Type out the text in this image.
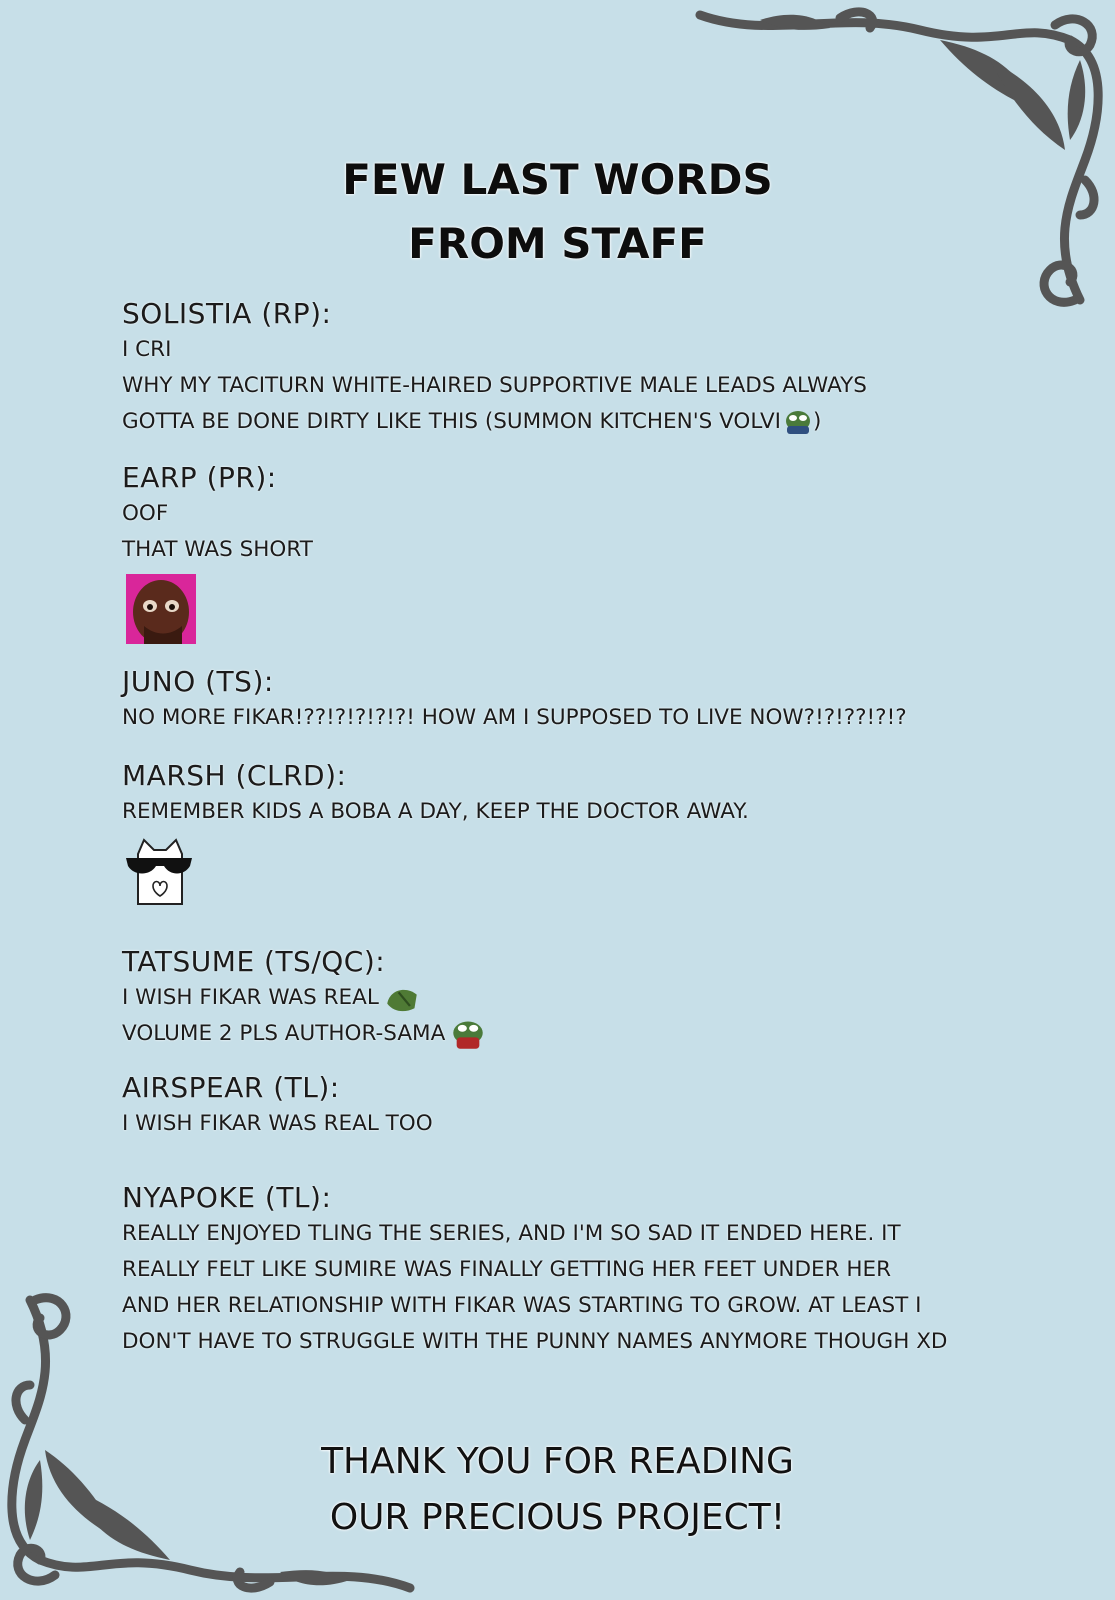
FEW LAST WORDS
FROM STAFF
SOLISTIA (RP):
I CRI
WHY MY TACITURN WHITE-HAIRED SUPPORTIVE MALE LEADS ALWAYS
GOTTA BE DONE DIRTY LIKE THIS (SUMMON KITCHEN'S VOLVI )
EARP (PR):
OOF
THAT WAS SHORT
JUNO (TS):
NO MORE FIKAR!??!?!?!?!?! HOW AM I SUPPOSED TO LIVE NOW?!?!??!?!?
MARSH (CLRD):
REMEMBER KIDS A BOBA A DAY, KEEP THE DOCTOR AWAY.
TATSUME (TS/QC):
I WISH FIKAR WAS REAL
VOLUME 2 PLS AUTHOR-SAMA
AIRSPEAR (TL):
I WISH FIKAR WAS REAL TOO
NYAPOKE (TL):
REALLY ENJOYED TLING THE SERIES, AND I'M SO SAD IT ENDED HERE. IT
REALLY FELT LIKE SUMIRE WAS FINALLY GETTING HER FEET UNDER HER
AND HER RELATIONSHIP WITH FIKAR WAS STARTING TO GROW. AT LEAST I
DON'T HAVE TO STRUGGLE WITH THE PUNNY NAMES ANYMORE THOUGH XD
THANK YOU FOR READING
OUR PRECIOUS PROJECT!
